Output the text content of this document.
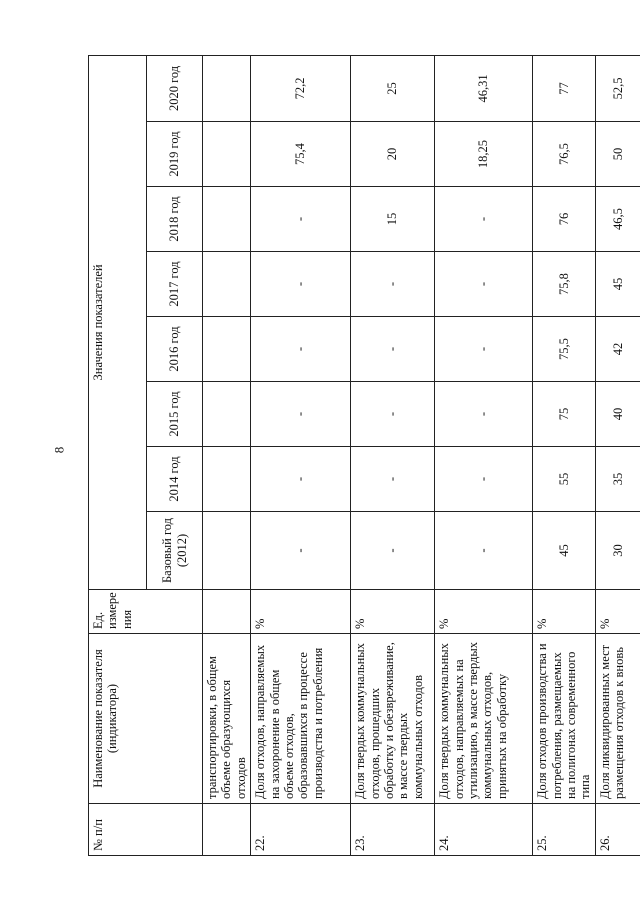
8
№ п/п	Наименование показателя (индикатора)	Ед. измере ния	Значения показателей							
			Базовый год (2012)	2014 год	2015 год	2016 год	2017 год	2018 год	2019 год	2020 год
	транспортировки, в общем объеме образующихся отходов									
22.	Доля отходов, направляемых на захоронение в общем объеме отходов, образовавшихся в процессе производства и потребления	%	-	-	-	-	-	-	75,4	72,2
23.	Доля твердых коммунальных отходов, прошедших обработку и обезвреживание, в массе твердых коммунальных отходов	%	-	-	-	-	-	15	20	25
24.	Доля твердых коммунальных отходов, направляемых на утилизацию, в массе твердых коммунальных отходов, принятых на обработку	%	-	-	-	-	-	-	18,25	46,31
25.	Доля отходов производства и потребления, размещаемых на полигонах современного типа	%	45	55	75	75,5	75,8	76	76,5	77
26.	Доля ликвидированных мест размещения отходов к вновь	%	30	35	40	42	45	46,5	50	52,5
